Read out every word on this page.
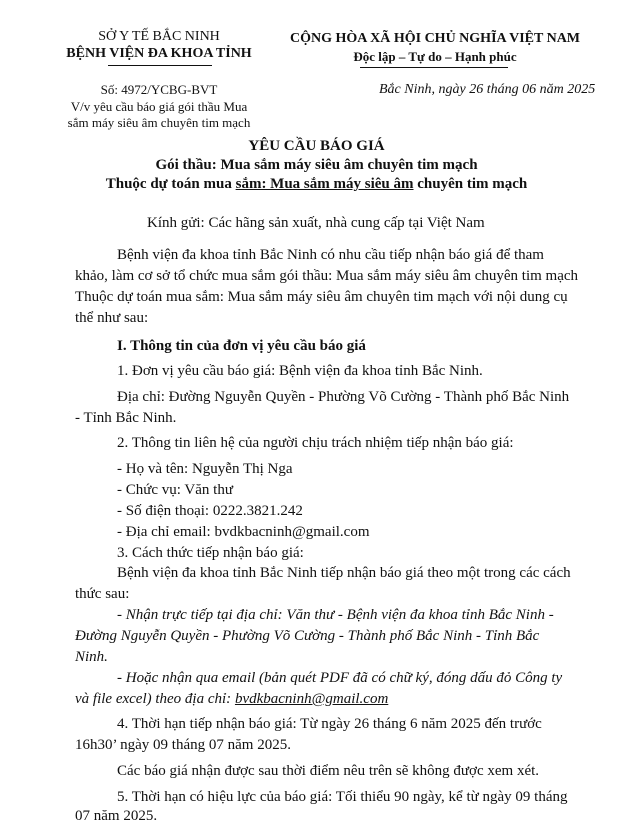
SỞ Y TẾ BẮC NINH
BỆNH VIỆN ĐA KHOA TỈNH
Số: 4972/YCBG-BVT
V/v yêu cầu báo giá gói thầu Mua
sắm máy siêu âm chuyên tim mạch
CỘNG HÒA XÃ HỘI CHỦ NGHĨA VIỆT NAM
Độc lập – Tự do – Hạnh phúc
Bắc Ninh, ngày 26 tháng 06 năm 2025
YÊU CẦU BÁO GIÁ
Gói thầu: Mua sắm máy siêu âm chuyên tim mạch
Thuộc dự toán mua sắm: Mua sắm máy siêu âm chuyên tim mạch
Kính gửi: Các hãng sản xuất, nhà cung cấp tại Việt Nam
Bệnh viện đa khoa tỉnh Bắc Ninh có nhu cầu tiếp nhận báo giá để tham
khảo, làm cơ sở tổ chức mua sắm gói thầu: Mua sắm máy siêu âm chuyên tim mạch
Thuộc dự toán mua sắm: Mua sắm máy siêu âm chuyên tim mạch với nội dung cụ
thể như sau:
I. Thông tin của đơn vị yêu cầu báo giá
1. Đơn vị yêu cầu báo giá: Bệnh viện đa khoa tỉnh Bắc Ninh.
Địa chỉ: Đường Nguyễn Quyền - Phường Võ Cường - Thành phố Bắc Ninh
- Tỉnh Bắc Ninh.
2. Thông tin liên hệ của người chịu trách nhiệm tiếp nhận báo giá:
- Họ và tên: Nguyễn Thị Nga
- Chức vụ: Văn thư
- Số điện thoại: 0222.3821.242
- Địa chỉ email: bvdkbacninh@gmail.com
3. Cách thức tiếp nhận báo giá:
Bệnh viện đa khoa tỉnh Bắc Ninh tiếp nhận báo giá theo một trong các cách
thức sau:
- Nhận trực tiếp tại địa chỉ: Văn thư - Bệnh viện đa khoa tỉnh Bắc Ninh -
Đường Nguyễn Quyền - Phường Võ Cường - Thành phố Bắc Ninh - Tỉnh Bắc
Ninh.
- Hoặc nhận qua email (bản quét PDF đã có chữ ký, đóng dấu đỏ Công ty
và file excel) theo địa chỉ: bvdkbacninh@gmail.com
4. Thời hạn tiếp nhận báo giá: Từ ngày 26 tháng 6 năm 2025 đến trước
16h30’ ngày 09 tháng 07 năm 2025.
Các báo giá nhận được sau thời điểm nêu trên sẽ không được xem xét.
5. Thời hạn có hiệu lực của báo giá: Tối thiểu 90 ngày, kể từ ngày 09 tháng
07 năm 2025.
